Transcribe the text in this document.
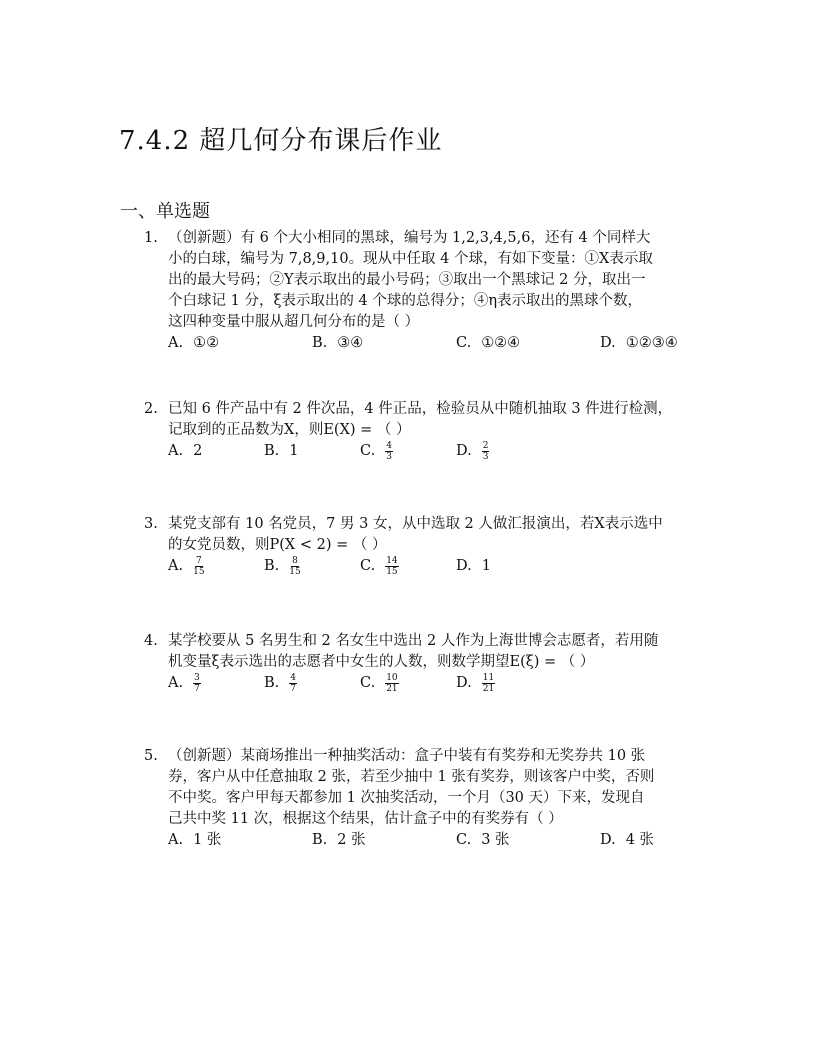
7.4.2 超几何分布课后作业
一、单选题
1. （创新题）有 6 个大小相同的黑球，编号为 1,2,3,4,5,6，还有 4 个同样大
小的白球，编号为 7,8,9,10。现从中任取 4 个球，有如下变量：①X表示取
出的最大号码；②Y表示取出的最小号码；③取出一个黑球记 2 分，取出一
个白球记 1 分，ξ表示取出的 4 个球的总得分；④η表示取出的黑球个数，
这四种变量中服从超几何分布的是（ ）
A. ①②	B. ③④	C. ①②④	D. ①②③④
2. 已知 6 件产品中有 2 件次品，4 件正品，检验员从中随机抽取 3 件进行检测，
记取到的正品数为X，则E(X) = （ ）
A. 2	B. 1	C. $\frac{4}{3}$	D. $\frac{2}{3}$
3. 某党支部有 10 名党员，7 男 3 女，从中选取 2 人做汇报演出，若X表示选中
的女党员数，则P(X < 2) = （ ）
A. $\frac{7}{15}$	B. $\frac{8}{15}$	C. $\frac{14}{15}$	D. 1
4. 某学校要从 5 名男生和 2 名女生中选出 2 人作为上海世博会志愿者，若用随
机变量ξ表示选出的志愿者中女生的人数，则数学期望E(ξ) = （ ）
A. $\frac{3}{7}$	B. $\frac{4}{7}$	C. $\frac{10}{21}$	D. $\frac{11}{21}$
5. （创新题）某商场推出一种抽奖活动：盒子中装有有奖券和无奖券共 10 张
券，客户从中任意抽取 2 张，若至少抽中 1 张有奖券，则该客户中奖，否则
不中奖。客户甲每天都参加 1 次抽奖活动，一个月（30 天）下来，发现自
己共中奖 11 次，根据这个结果，估计盒子中的有奖券有（ ）
A. 1 张	B. 2 张	C. 3 张	D. 4 张
